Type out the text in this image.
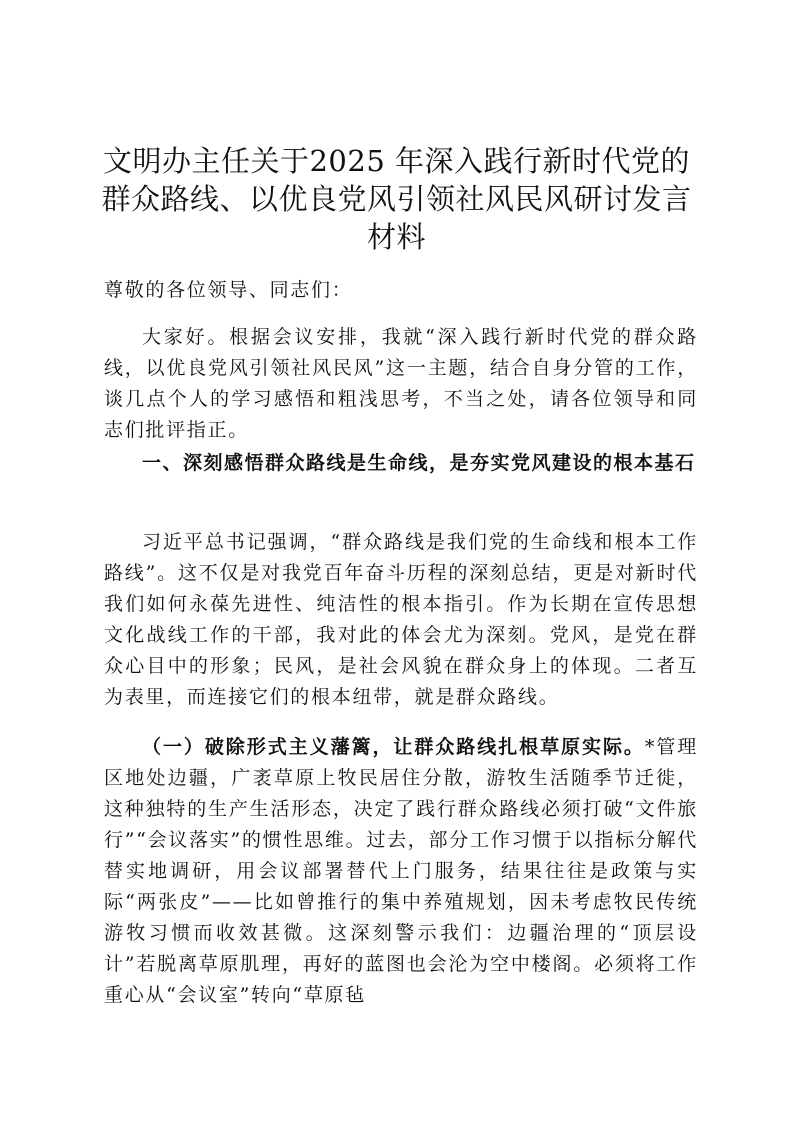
文明办主任关于2025 年深入践行新时代党的群众路线、以优良党风引领社风民风研讨发言材料

尊敬的各位领导、同志们：

大家好。根据会议安排，我就“深入践行新时代党的群众路线，以优良党风引领社风民风”这一主题，结合自身分管的工作，谈几点个人的学习感悟和粗浅思考，不当之处，请各位领导和同志们批评指正。

一、深刻感悟群众路线是生命线，是夯实党风建设的根本基石

习近平总书记强调，“群众路线是我们党的生命线和根本工作路线”。这不仅是对我党百年奋斗历程的深刻总结，更是对新时代我们如何永葆先进性、纯洁性的根本指引。作为长期在宣传思想文化战线工作的干部，我对此的体会尤为深刻。党风，是党在群众心目中的形象；民风，是社会风貌在群众身上的体现。二者互为表里，而连接它们的根本纽带，就是群众路线。

（一）破除形式主义藩篱，让群众路线扎根草原实际。*管理区地处边疆，广袤草原上牧民居住分散，游牧生活随季节迁徙，这种独特的生产生活形态，决定了践行群众路线必须打破“文件旅行”“会议落实”的惯性思维。过去，部分工作习惯于以指标分解代替实地调研，用会议部署替代上门服务，结果往往是政策与实际“两张皮”——比如曾推行的集中养殖规划，因未考虑牧民传统游牧习惯而收效甚微。这深刻警示我们：边疆治理的“顶层设计”若脱离草原肌理，再好的蓝图也会沦为空中楼阁。必须将工作重心从“会议室”转向“草原毡
